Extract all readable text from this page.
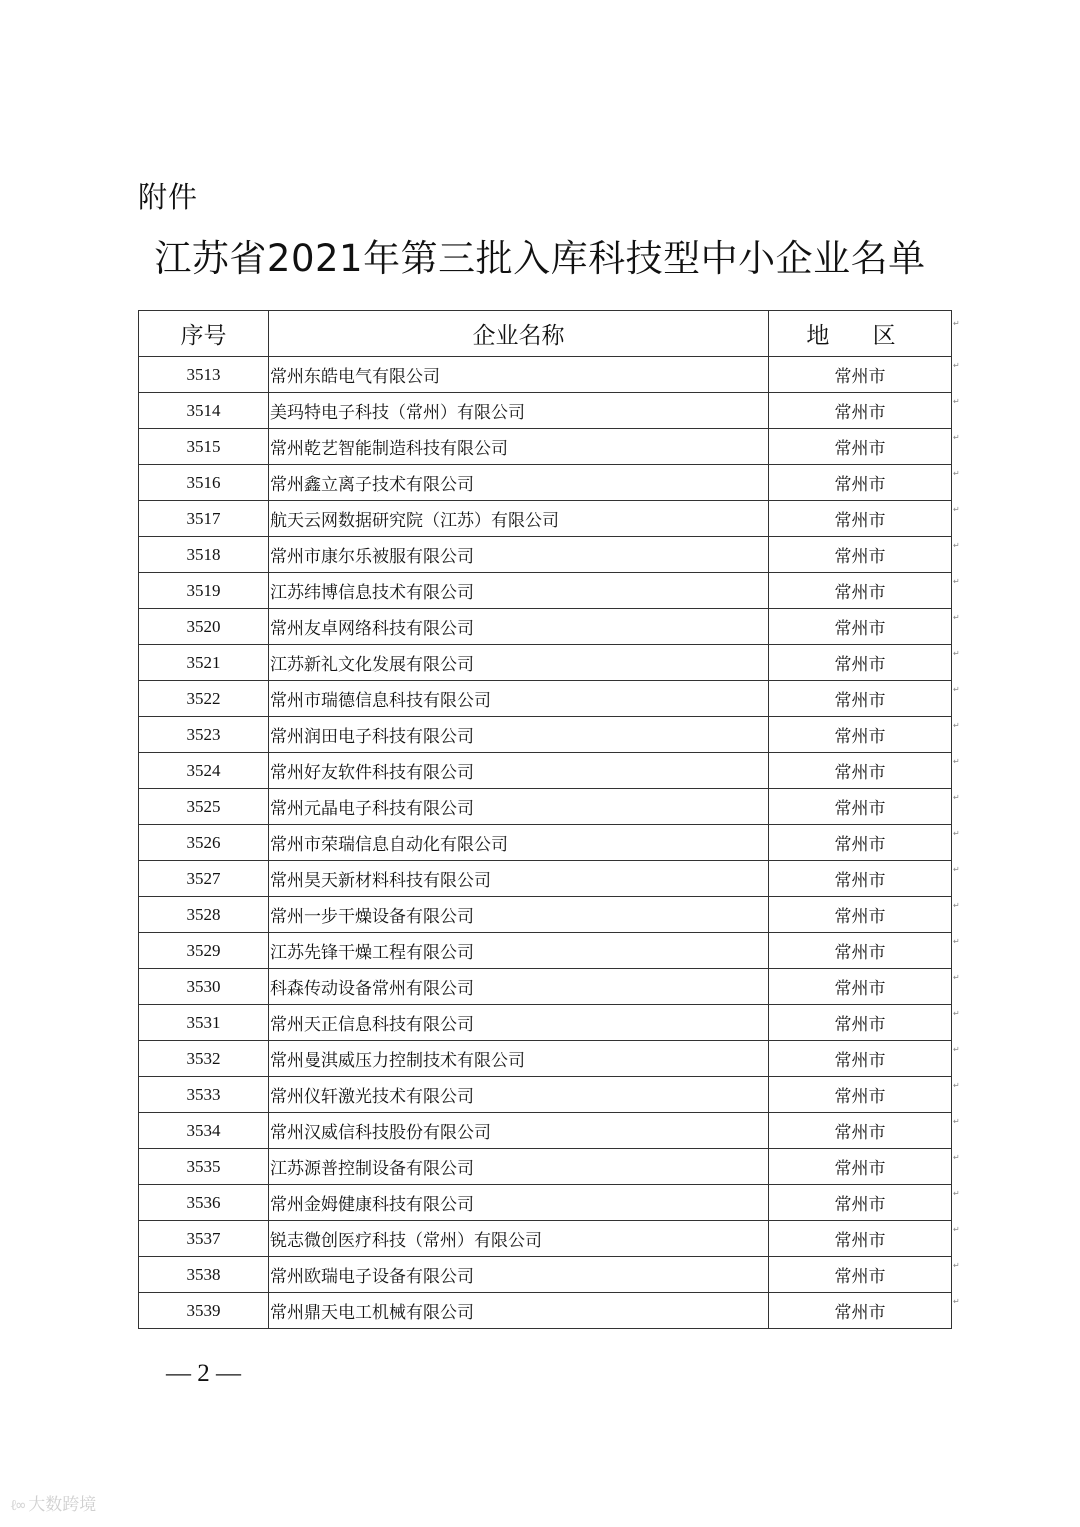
附件
江苏省2021年第三批入库科技型中小企业名单
序号	企业名称	地 区
3513	常州东皓电气有限公司	常州市
3514	美玛特电子科技（常州）有限公司	常州市
3515	常州乾艺智能制造科技有限公司	常州市
3516	常州鑫立离子技术有限公司	常州市
3517	航天云网数据研究院（江苏）有限公司	常州市
3518	常州市康尔乐被服有限公司	常州市
3519	江苏纬博信息技术有限公司	常州市
3520	常州友卓网络科技有限公司	常州市
3521	江苏新礼文化发展有限公司	常州市
3522	常州市瑞德信息科技有限公司	常州市
3523	常州润田电子科技有限公司	常州市
3524	常州好友软件科技有限公司	常州市
3525	常州元晶电子科技有限公司	常州市
3526	常州市荣瑞信息自动化有限公司	常州市
3527	常州昊天新材料科技有限公司	常州市
3528	常州一步干燥设备有限公司	常州市
3529	江苏先锋干燥工程有限公司	常州市
3530	科森传动设备常州有限公司	常州市
3531	常州天正信息科技有限公司	常州市
3532	常州曼淇威压力控制技术有限公司	常州市
3533	常州仪轩激光技术有限公司	常州市
3534	常州汉威信科技股份有限公司	常州市
3535	江苏源普控制设备有限公司	常州市
3536	常州金姆健康科技有限公司	常州市
3537	锐志微创医疗科技（常州）有限公司	常州市
3538	常州欧瑞电子设备有限公司	常州市
3539	常州鼎天电工机械有限公司	常州市
↵
↵
↵
↵
↵
↵
↵
↵
↵
↵
↵
↵
↵
↵
↵
↵
↵
↵
↵
↵
↵
↵
↵
↵
↵
↵
↵
↵
— 2 —
ℓ∞ 大数跨境
